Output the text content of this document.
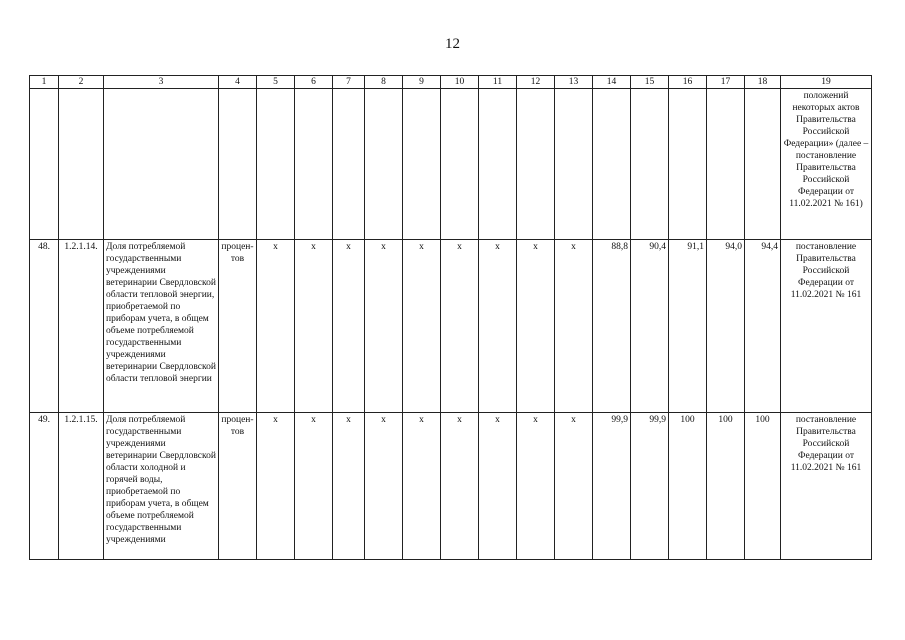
12
1	2	3	4	5	6	7	8	9	10	11	12	13	14	15	16	17	18	19
																		положений некоторых актов Правительства Российской Федерации» (далее – постановление Правительства Российской Федерации от 11.02.2021 № 161)
48.	1.2.1.14.	Доля потребляемой государственными учреждениями ветеринарии Свердловской области тепловой энергии, приобретаемой по приборам учета, в общем объеме потребляемой государственными учреждениями ветеринарии Свердловской области тепловой энергии	процен-тов	х	х	х	х	х	х	х	х	х	88,8	90,4	91,1	94,0	94,4	постановление Правительства Российской Федерации от 11.02.2021 № 161
49.	1.2.1.15.	Доля потребляемой государственными учреждениями ветеринарии Свердловской области холодной и горячей воды, приобретаемой по приборам учета, в общем объеме потребляемой государственными учреждениями	процен-тов	х	х	х	х	х	х	х	х	х	99,9	99,9	100	100	100	постановление Правительства Российской Федерации от 11.02.2021 № 161
